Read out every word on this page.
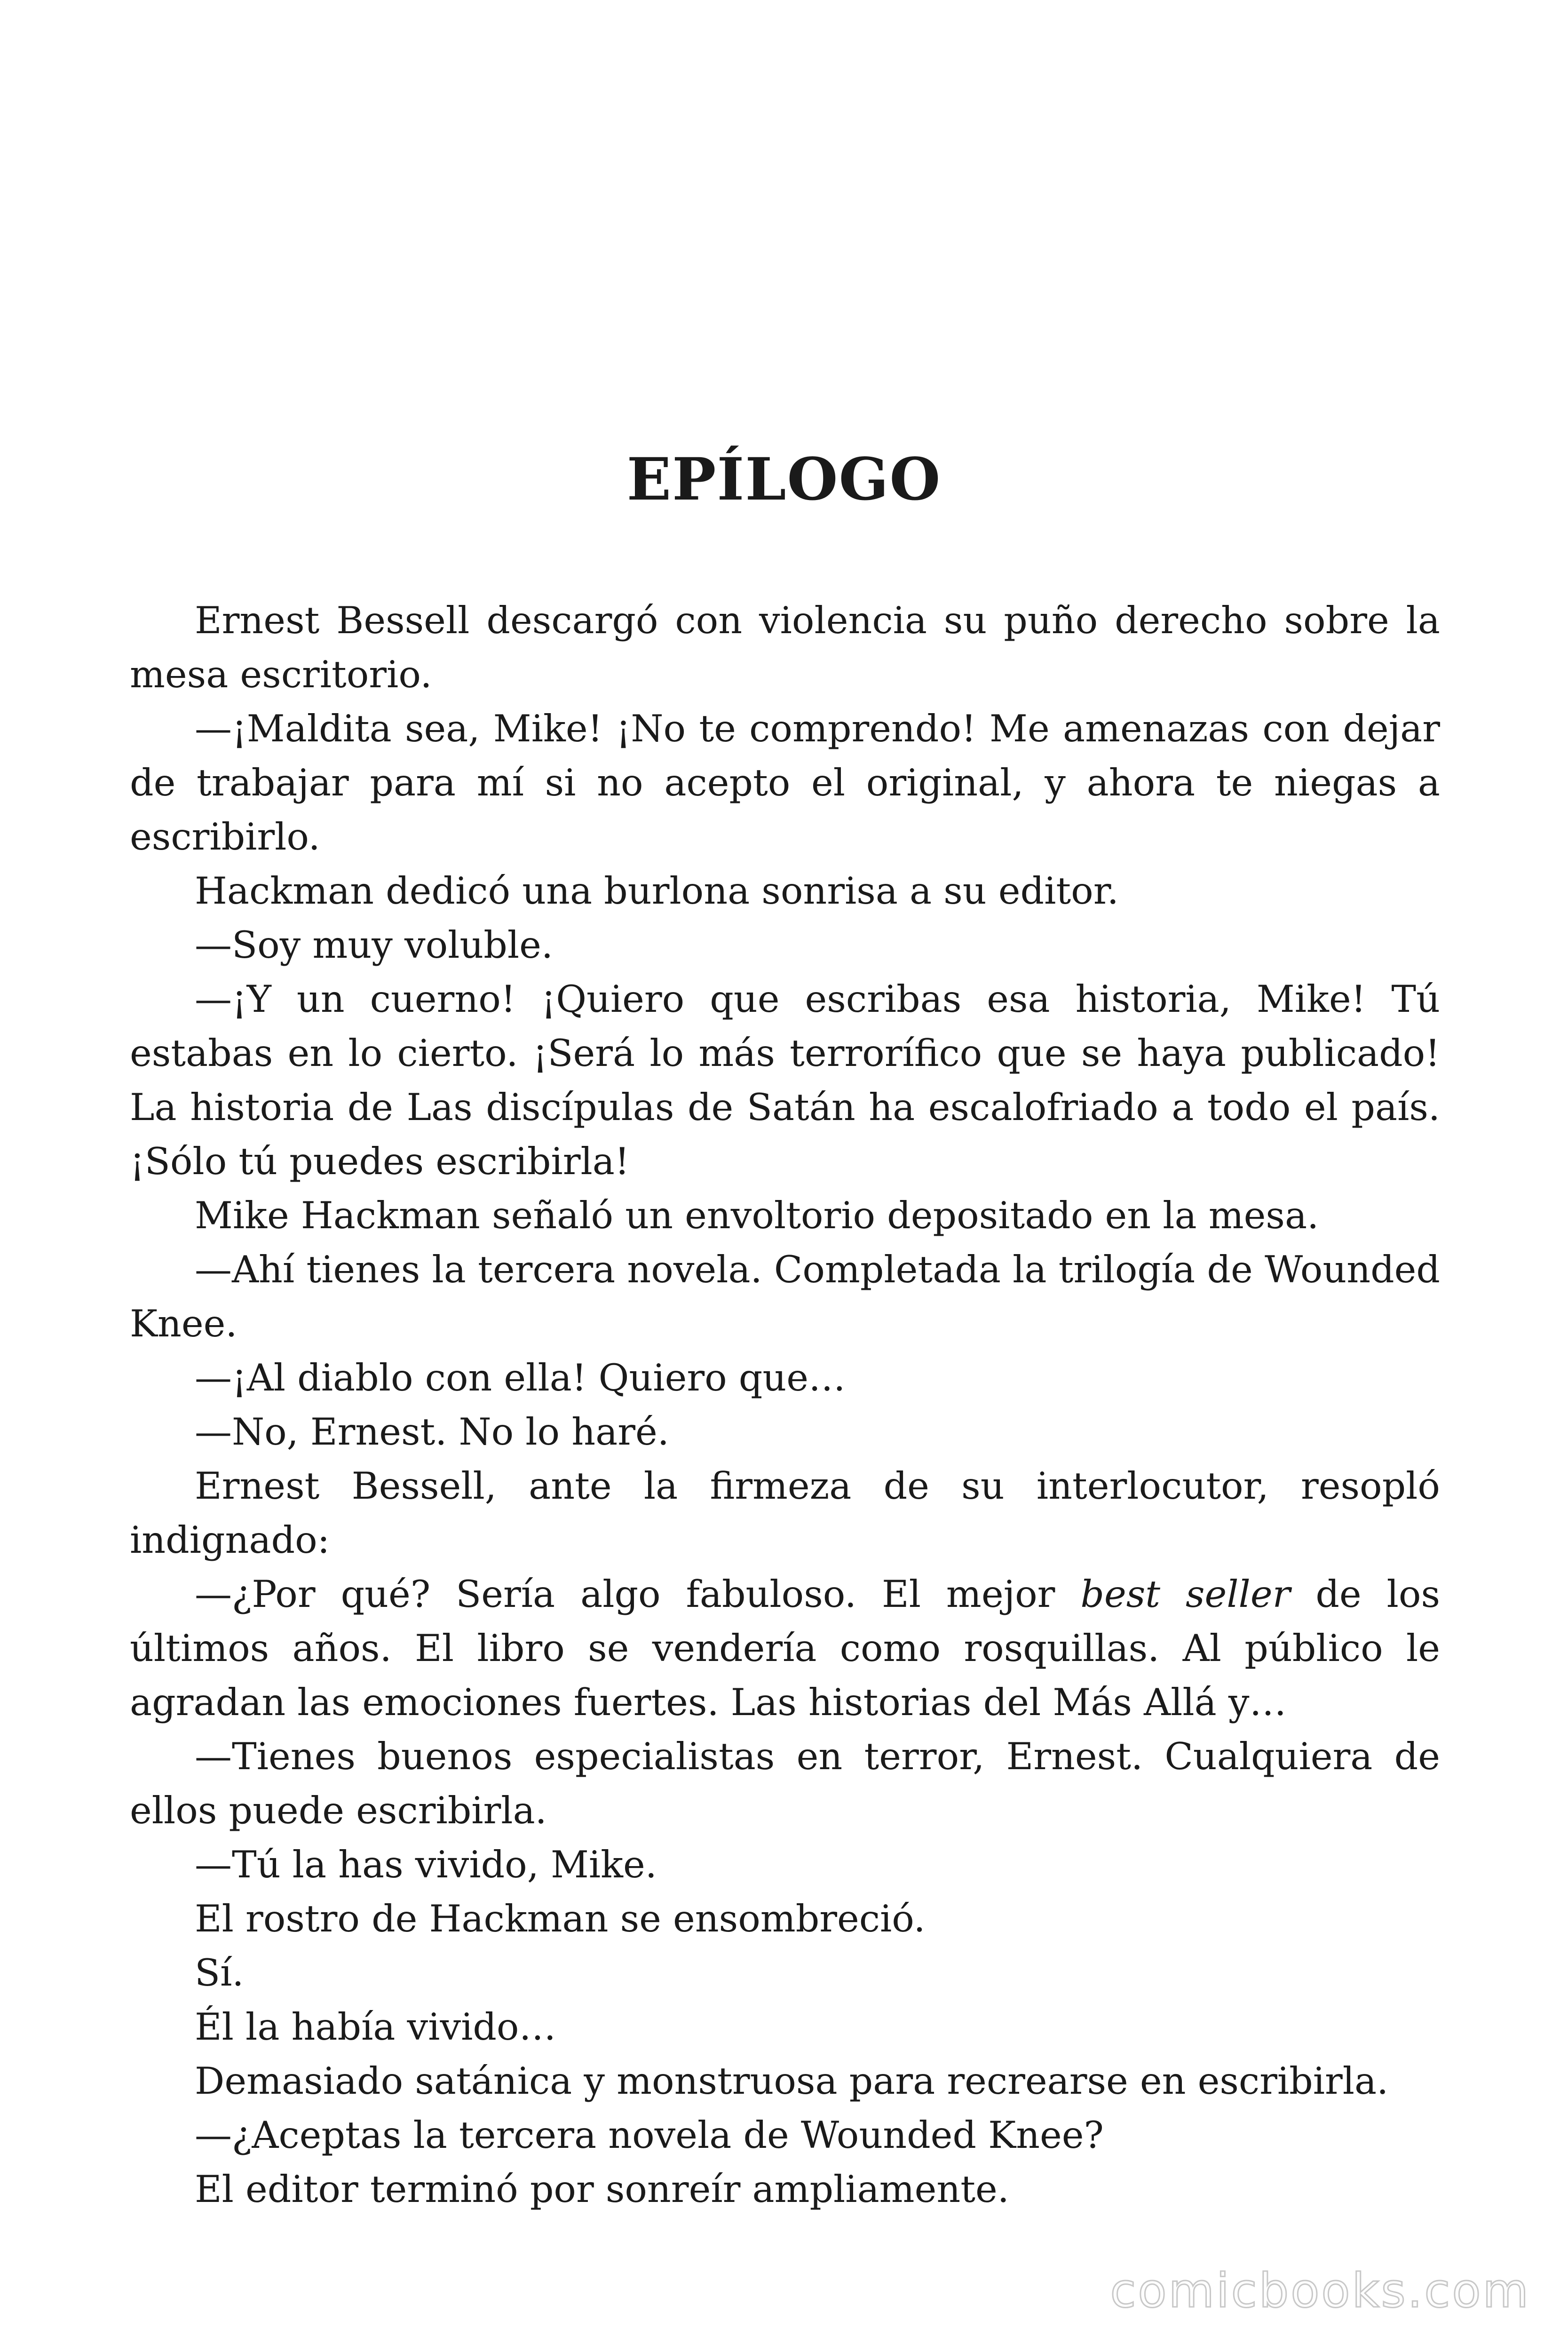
EPÍLOGO

Ernest Bessell descargó con violencia su puño derecho sobre la mesa escritorio.

—¡Maldita sea, Mike! ¡No te comprendo! Me amenazas con dejar de trabajar para mí si no acepto el original, y ahora te niegas a escribirlo.

Hackman dedicó una burlona sonrisa a su editor.

—Soy muy voluble.

—¡Y un cuerno! ¡Quiero que escribas esa historia, Mike! Tú estabas en lo cierto. ¡Será lo más terrorífico que se haya publicado! La historia de Las discípulas de Satán ha escalofriado a todo el país. ¡Sólo tú puedes escribirla!

Mike Hackman señaló un envoltorio depositado en la mesa.

—Ahí tienes la tercera novela. Completada la trilogía de Wounded Knee.

—¡Al diablo con ella! Quiero que…

—No, Ernest. No lo haré.

Ernest Bessell, ante la firmeza de su interlocutor, resopló indignado:

—¿Por qué? Sería algo fabuloso. El mejor best seller de los últimos años. El libro se vendería como rosquillas. Al público le agradan las emociones fuertes. Las historias del Más Allá y…

—Tienes buenos especialistas en terror, Ernest. Cualquiera de ellos puede escribirla.

—Tú la has vivido, Mike.

El rostro de Hackman se ensombreció.

Sí.

Él la había vivido…

Demasiado satánica y monstruosa para recrearse en escribirla.

—¿Aceptas la tercera novela de Wounded Knee?

El editor terminó por sonreír ampliamente.

comicbooks.com
